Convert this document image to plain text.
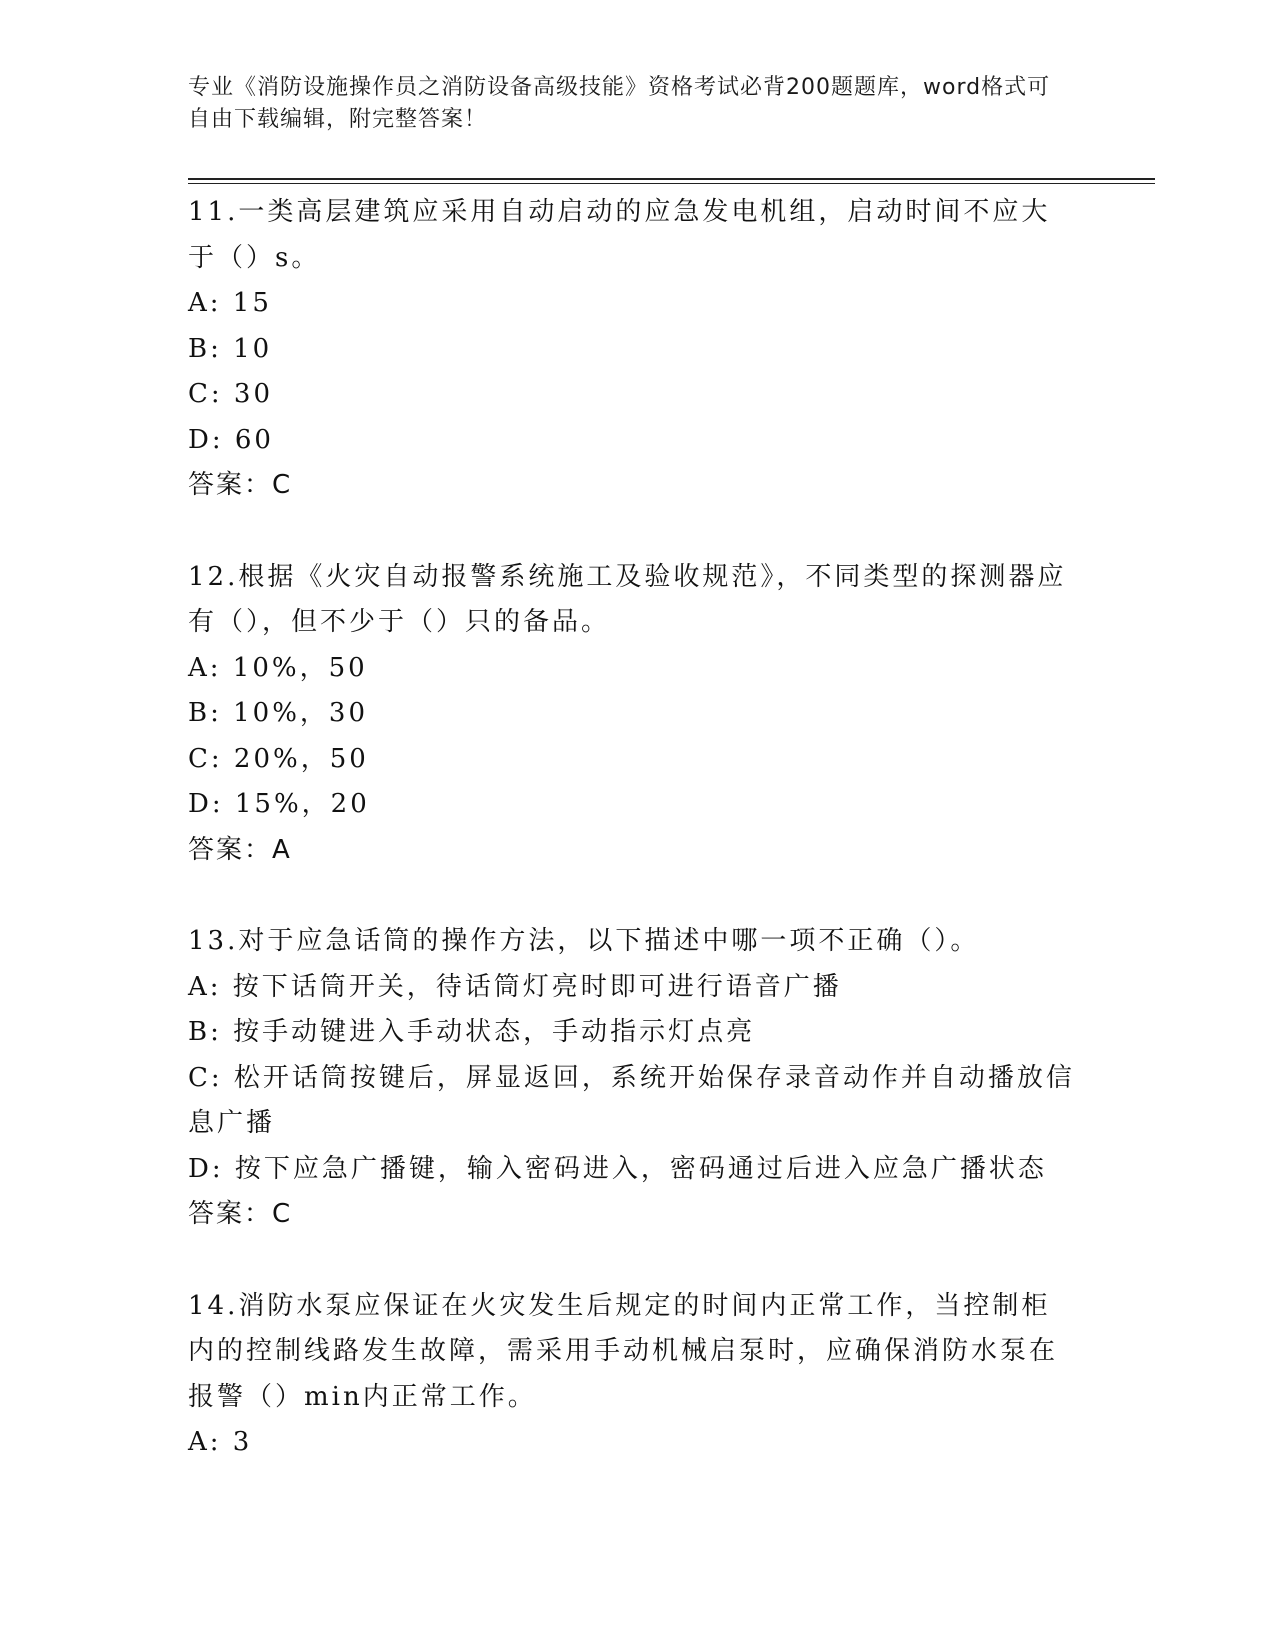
专业《消防设施操作员之消防设备高级技能》资格考试必背200题题库，word格式可自由下载编辑，附完整答案！
11.一类高层建筑应采用自动启动的应急发电机组，启动时间不应大于（）s。
A: 15
B: 10
C: 30
D: 60
答案：C
12.根据《火灾自动报警系统施工及验收规范》，不同类型的探测器应有（），但不少于（）只的备品。
A: 10%，50
B: 10%，30
C: 20%，50
D: 15%，20
答案：A
13.对于应急话筒的操作方法，以下描述中哪一项不正确（）。
A: 按下话筒开关，待话筒灯亮时即可进行语音广播
B: 按手动键进入手动状态，手动指示灯点亮
C: 松开话筒按键后，屏显返回，系统开始保存录音动作并自动播放信息广播
D: 按下应急广播键，输入密码进入，密码通过后进入应急广播状态
答案：C
14.消防水泵应保证在火灾发生后规定的时间内正常工作，当控制柜内的控制线路发生故障，需采用手动机械启泵时，应确保消防水泵在报警（）min内正常工作。
A: 3
